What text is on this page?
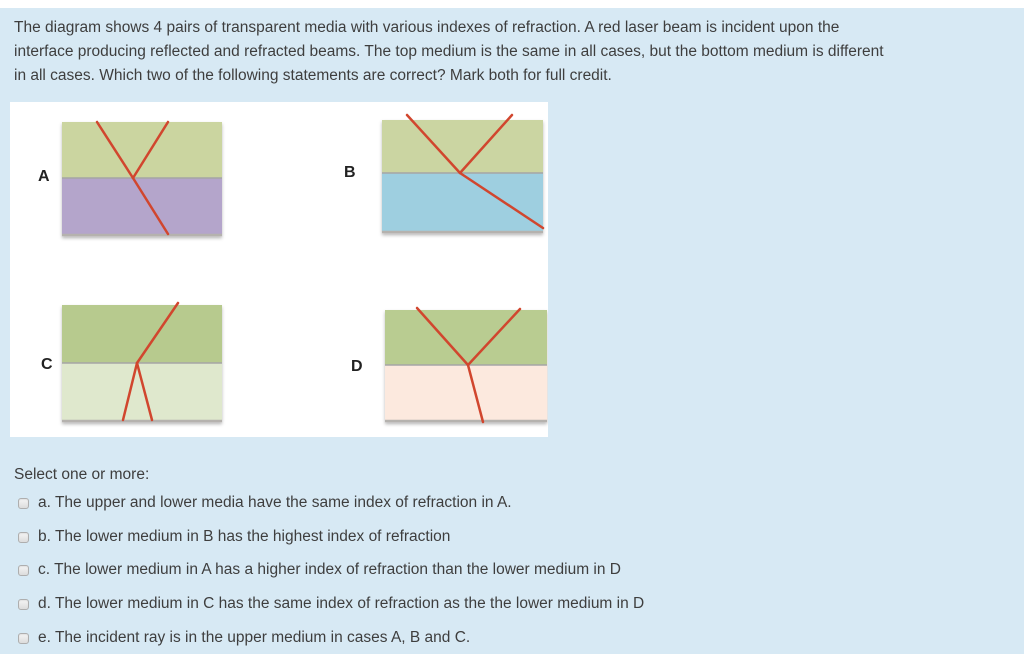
The diagram shows 4 pairs of transparent media with various indexes of refraction. A red laser beam is incident upon the
interface producing reflected and refracted beams. The top medium is the same in all cases, but the bottom medium is different
in all cases. Which two of the following statements are correct? Mark both for full credit.
A	B
C	D
Select one or more:
a. The upper and lower media have the same index of refraction in A.
b. The lower medium in B has the highest index of refraction
c. The lower medium in A has a higher index of refraction than the lower medium in D
d. The lower medium in C has the same index of refraction as the the lower medium in D
e. The incident ray is in the upper medium in cases A, B and C.
